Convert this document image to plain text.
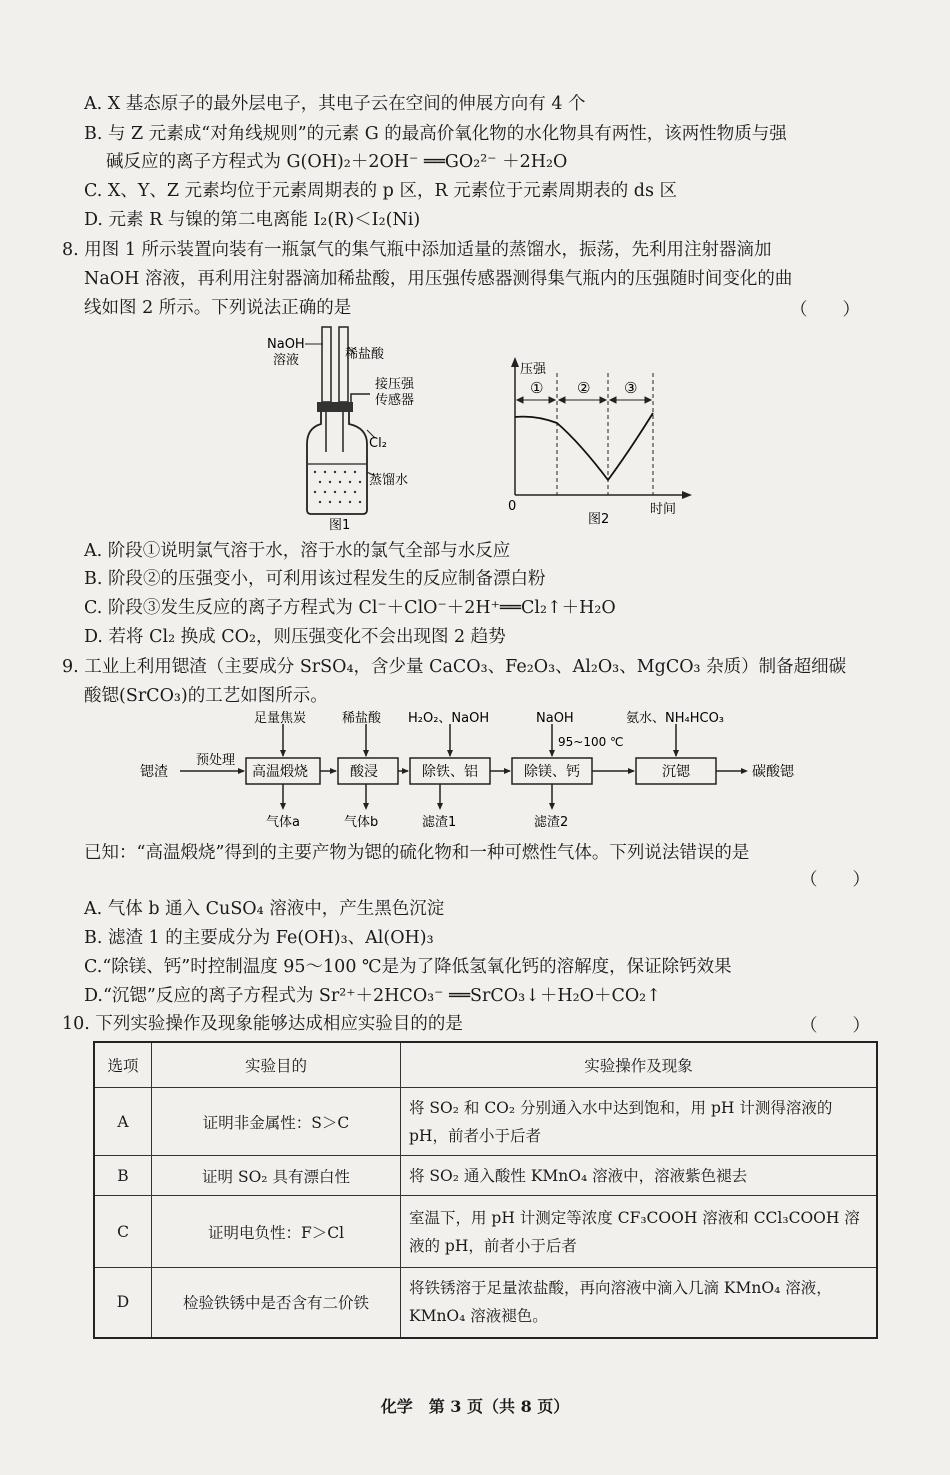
A. X 基态原子的最外层电子，其电子云在空间的伸展方向有 4 个
B. 与 Z 元素成“对角线规则”的元素 G 的最高价氧化物的水化物具有两性，该两性物质与强
碱反应的离子方程式为 G(OH)₂＋2OH⁻ ══GO₂²⁻ ＋2H₂O
C. X、Y、Z 元素均位于元素周期表的 p 区，R 元素位于元素周期表的 ds 区
D. 元素 R 与镍的第二电离能 I₂(R)＜I₂(Ni)
8. 用图 1 所示装置向装有一瓶氯气的集气瓶中添加适量的蒸馏水，振荡，先利用注射器滴加
NaOH 溶液，再利用注射器滴加稀盐酸，用压强传感器测得集气瓶内的压强随时间变化的曲
线如图 2 所示。下列说法正确的是	（　　）
NaOH
溶液	稀盐酸
接压强
传感器
Cl₂
蒸馏水
图1
压强
① ② ③
0	时间
图2
A. 阶段①说明氯气溶于水，溶于水的氯气全部与水反应
B. 阶段②的压强变小，可利用该过程发生的反应制备漂白粉
C. 阶段③发生反应的离子方程式为 Cl⁻＋ClO⁻＋2H⁺══Cl₂↑＋H₂O
D. 若将 Cl₂ 换成 CO₂，则压强变化不会出现图 2 趋势
9. 工业上利用锶渣（主要成分 SrSO₄，含少量 CaCO₃、Fe₂O₃、Al₂O₃、MgCO₃ 杂质）制备超细碳
酸锶(SrCO₃)的工艺如图所示。
锶渣
预处理
高温煅烧	酸浸	除铁、铝	除镁、钙	沉锶	碳酸锶
足量焦炭	稀盐酸 H₂O₂、NaOH	NaOH
95~100 ℃
氨水、NH₄HCO₃
气体a	气体b	滤渣1	滤渣2
已知：“高温煅烧”得到的主要产物为锶的硫化物和一种可燃性气体。下列说法错误的是
（　　）
A. 气体 b 通入 CuSO₄ 溶液中，产生黑色沉淀
B. 滤渣 1 的主要成分为 Fe(OH)₃、Al(OH)₃
C.“除镁、钙”时控制温度 95～100 ℃是为了降低氢氧化钙的溶解度，保证除钙效果
D.“沉锶”反应的离子方程式为 Sr²⁺＋2HCO₃⁻ ══SrCO₃↓＋H₂O＋CO₂↑
10. 下列实验操作及现象能够达成相应实验目的的是	（　　）
选项	实验目的	实验操作及现象
A	证明非金属性：S＞C	将 SO₂ 和 CO₂ 分别通入水中达到饱和，用 pH 计测得溶液的pH，前者小于后者
B	证明 SO₂ 具有漂白性	将 SO₂ 通入酸性 KMnO₄ 溶液中，溶液紫色褪去
C	证明电负性：F＞Cl	室温下，用 pH 计测定等浓度 CF₃COOH 溶液和 CCl₃COOH 溶液的 pH，前者小于后者
D	检验铁锈中是否含有二价铁	将铁锈溶于足量浓盐酸，再向溶液中滴入几滴 KMnO₄ 溶液，KMnO₄ 溶液褪色。
化学　第 3 页（共 8 页）
